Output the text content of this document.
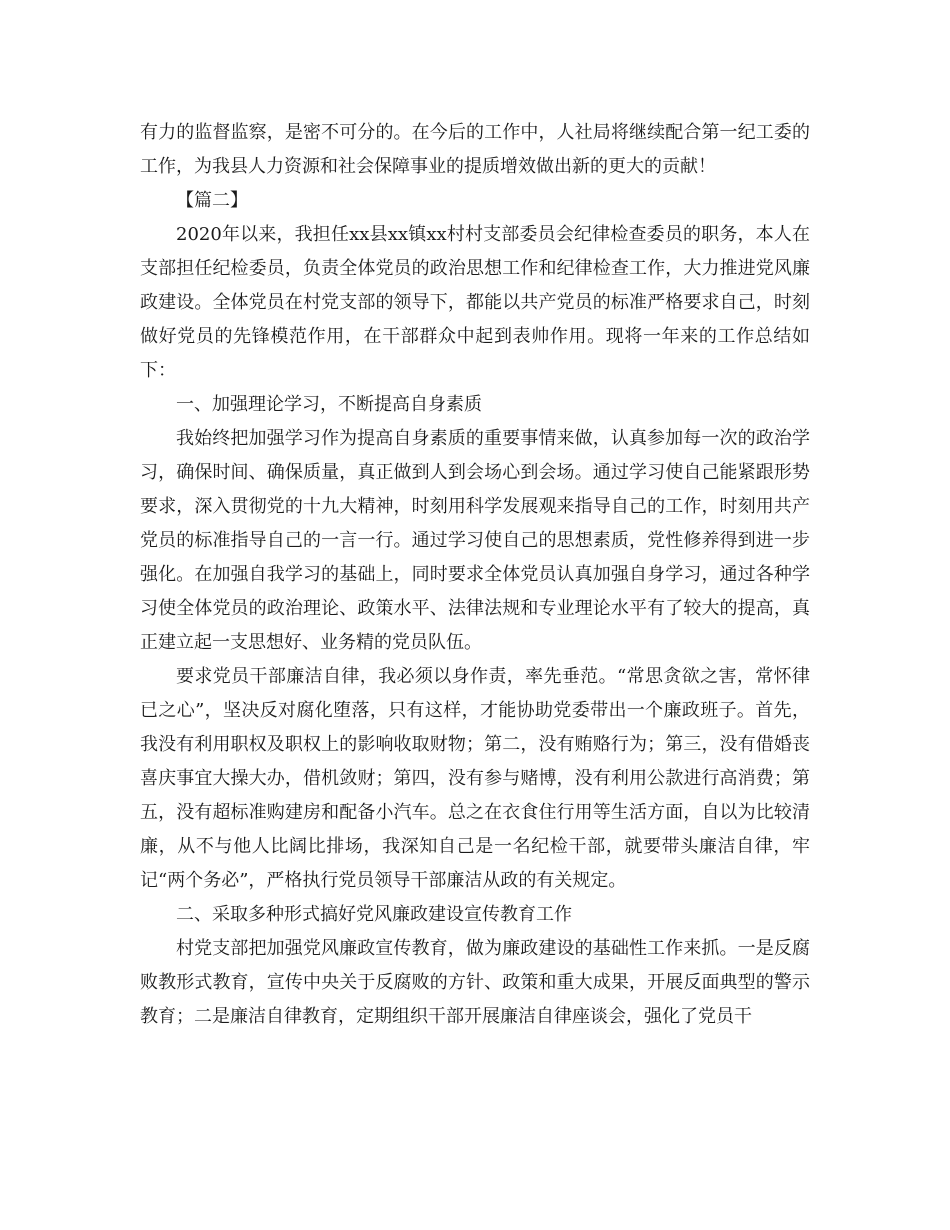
有力的监督监察，是密不可分的。在今后的工作中，人社局将继续配合第一纪工委的工作，为我县人力资源和社会保障事业的提质增效做出新的更大的贡献！

【篇二】

2020年以来，我担任xx县xx镇xx村村支部委员会纪律检查委员的职务，本人在支部担任纪检委员，负责全体党员的政治思想工作和纪律检查工作，大力推进党风廉政建设。全体党员在村党支部的领导下，都能以共产党员的标准严格要求自己，时刻做好党员的先锋模范作用，在干部群众中起到表帅作用。现将一年来的工作总结如下：

一、加强理论学习，不断提高自身素质

我始终把加强学习作为提高自身素质的重要事情来做，认真参加每一次的政治学习，确保时间、确保质量，真正做到人到会场心到会场。通过学习使自己能紧跟形势要求，深入贯彻党的十九大精神，时刻用科学发展观来指导自己的工作，时刻用共产党员的标准指导自己的一言一行。通过学习使自己的思想素质，党性修养得到进一步强化。在加强自我学习的基础上，同时要求全体党员认真加强自身学习，通过各种学习使全体党员的政治理论、政策水平、法律法规和专业理论水平有了较大的提高，真正建立起一支思想好、业务精的党员队伍。

要求党员干部廉洁自律，我必须以身作责，率先垂范。“常思贪欲之害，常怀律已之心”，坚决反对腐化堕落，只有这样，才能协助党委带出一个廉政班子。首先，我没有利用职权及职权上的影响收取财物；第二，没有贿赂行为；第三，没有借婚丧喜庆事宜大操大办，借机敛财；第四，没有参与赌博，没有利用公款进行高消费；第五，没有超标准购建房和配备小汽车。总之在衣食住行用等生活方面，自以为比较清廉，从不与他人比阔比排场，我深知自己是一名纪检干部，就要带头廉洁自律，牢记“两个务必”，严格执行党员领导干部廉洁从政的有关规定。

二、采取多种形式搞好党风廉政建设宣传教育工作

村党支部把加强党风廉政宣传教育，做为廉政建设的基础性工作来抓。一是反腐败教形式教育，宣传中央关于反腐败的方针、政策和重大成果，开展反面典型的警示教育；二是廉洁自律教育，定期组织干部开展廉洁自律座谈会，强化了党员干
